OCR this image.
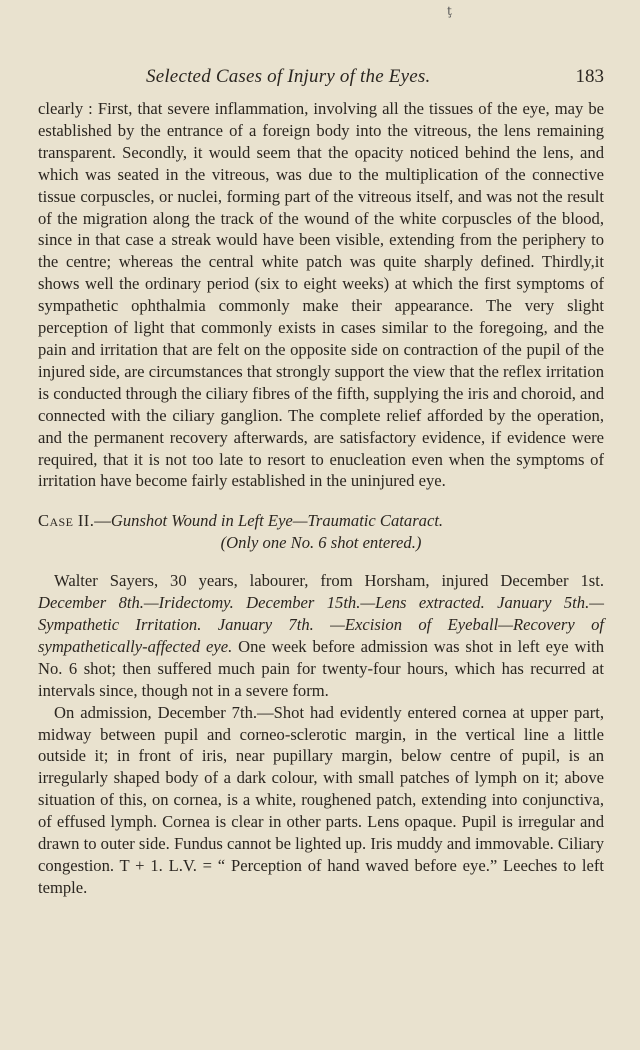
ţ
Selected Cases of Injury of the Eyes.	183

clearly : First, that severe inflammation, involving all the tissues of the eye, may be established by the entrance of a foreign body into the vitreous, the lens remaining transparent. Secondly, it would seem that the opacity noticed behind the lens, and which was seated in the vitreous, was due to the multiplication of the connective tissue corpuscles, or nuclei, forming part of the vitreous itself, and was not the result of the migration along the track of the wound of the white corpuscles of the blood, since in that case a streak would have been visible, extending from the periphery to the centre; whereas the central white patch was quite sharply defined. Thirdly,it shows well the ordinary period (six to eight weeks) at which the first symptoms of sympathetic ophthalmia commonly make their appearance. The very slight perception of light that commonly exists in cases similar to the foregoing, and the pain and irritation that are felt on the opposite side on contraction of the pupil of the injured side, are circumstances that strongly support the view that the reflex irritation is conducted through the ciliary fibres of the fifth, supplying the iris and choroid, and connected with the ciliary ganglion. The complete relief afforded by the operation, and the permanent recovery afterwards, are satisfactory evidence, if evidence were required, that it is not too late to resort to enucleation even when the symptoms of irritation have become fairly established in the uninjured eye.

Case II.—Gunshot Wound in Left Eye—Traumatic Cataract.

(Only one No. 6 shot entered.)

Walter Sayers, 30 years, labourer, from Horsham, injured December 1st. December 8th.—Iridectomy. December 15th.—Lens extracted. January 5th.—Sympathetic Irritation. January 7th. —Excision of Eyeball—Recovery of sympathetically-affected eye. One week before admission was shot in left eye with No. 6 shot; then suffered much pain for twenty-four hours, which has recurred at intervals since, though not in a severe form.

On admission, December 7th.—Shot had evidently entered cornea at upper part, midway between pupil and corneo-sclerotic margin, in the vertical line a little outside it; in front of iris, near pupillary margin, below centre of pupil, is an irregularly shaped body of a dark colour, with small patches of lymph on it; above situation of this, on cornea, is a white, roughened patch, extending into conjunctiva, of effused lymph. Cornea is clear in other parts. Lens opaque. Pupil is irregular and drawn to outer side. Fundus cannot be lighted up. Iris muddy and immovable. Ciliary congestion. T + 1. L.V. = “ Perception of hand waved before eye.” Leeches to left temple.
